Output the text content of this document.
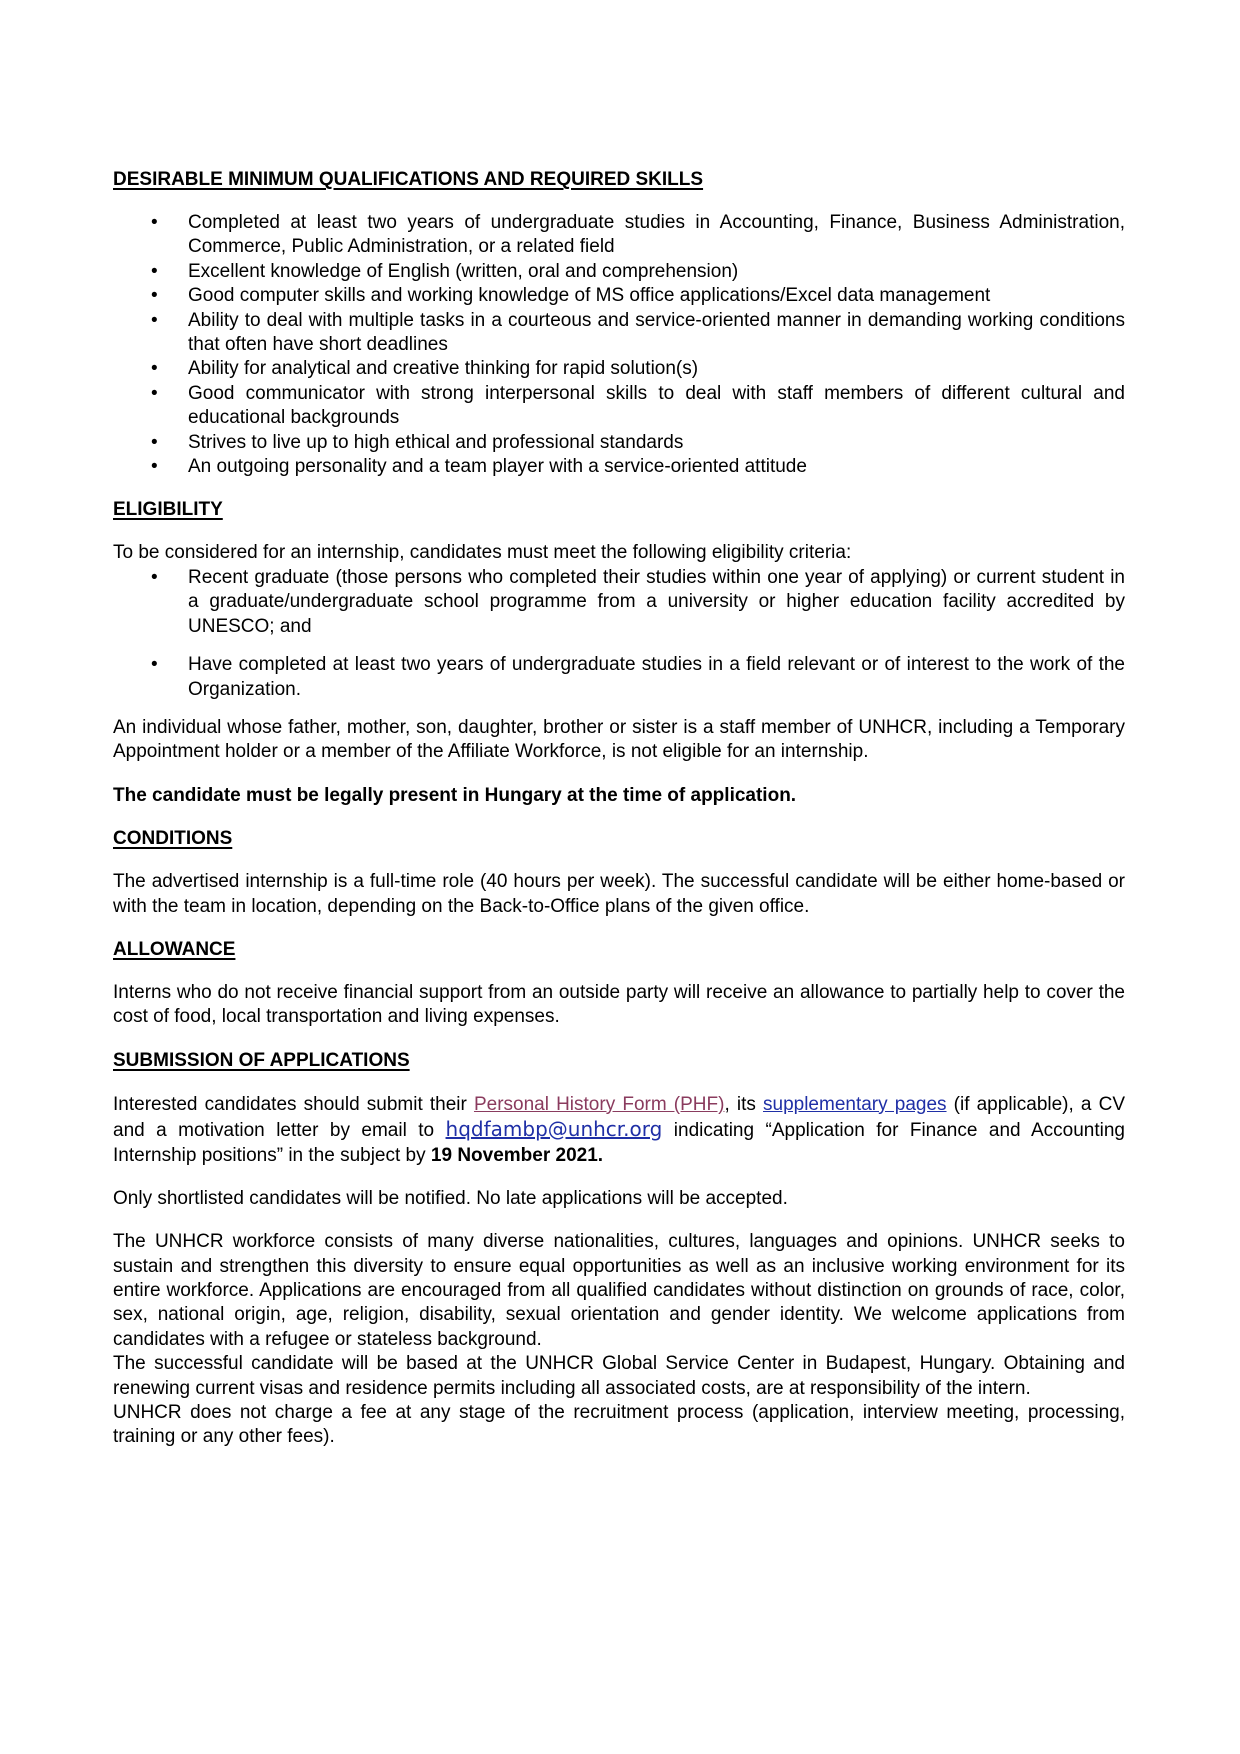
DESIRABLE MINIMUM QUALIFICATIONS AND REQUIRED SKILLS
• Completed at least two years of undergraduate studies in Accounting, Finance, Business Administration, Commerce, Public Administration, or a related field
• Excellent knowledge of English (written, oral and comprehension)
• Good computer skills and working knowledge of MS office applications/Excel data management
• Ability to deal with multiple tasks in a courteous and service-oriented manner in demanding working conditions that often have short deadlines
• Ability for analytical and creative thinking for rapid solution(s)
• Good communicator with strong interpersonal skills to deal with staff members of different cultural and educational backgrounds
• Strives to live up to high ethical and professional standards
• An outgoing personality and a team player with a service-oriented attitude
ELIGIBILITY

To be considered for an internship, candidates must meet the following eligibility criteria:

• Recent graduate (those persons who completed their studies within one year of applying) or current student in a graduate/undergraduate school programme from a university or higher education facility accredited by UNESCO; and
• Have completed at least two years of undergraduate studies in a field relevant or of interest to the work of the Organization.

An individual whose father, mother, son, daughter, brother or sister is a staff member of UNHCR, including a Temporary Appointment holder or a member of the Affiliate Workforce, is not eligible for an internship.

The candidate must be legally present in Hungary at the time of application.

CONDITIONS

The advertised internship is a full-time role (40 hours per week). The successful candidate will be either home-based or with the team in location, depending on the Back-to-Office plans of the given office.

ALLOWANCE

Interns who do not receive financial support from an outside party will receive an allowance to partially help to cover the cost of food, local transportation and living expenses.

SUBMISSION OF APPLICATIONS

Interested candidates should submit their Personal History Form (PHF), its supplementary pages (if applicable), a CV and a motivation letter by email to hqdfambp@unhcr.org indicating “Application for Finance and Accounting Internship positions” in the subject by 19 November 2021.

Only shortlisted candidates will be notified. No late applications will be accepted.

The UNHCR workforce consists of many diverse nationalities, cultures, languages and opinions. UNHCR seeks to sustain and strengthen this diversity to ensure equal opportunities as well as an inclusive working environment for its entire workforce. Applications are encouraged from all qualified candidates without distinction on grounds of race, color, sex, national origin, age, religion, disability, sexual orientation and gender identity. We welcome applications from candidates with a refugee or stateless background.

The successful candidate will be based at the UNHCR Global Service Center in Budapest, Hungary. Obtaining and renewing current visas and residence permits including all associated costs, are at responsibility of the intern.

UNHCR does not charge a fee at any stage of the recruitment process (application, interview meeting, processing, training or any other fees).
